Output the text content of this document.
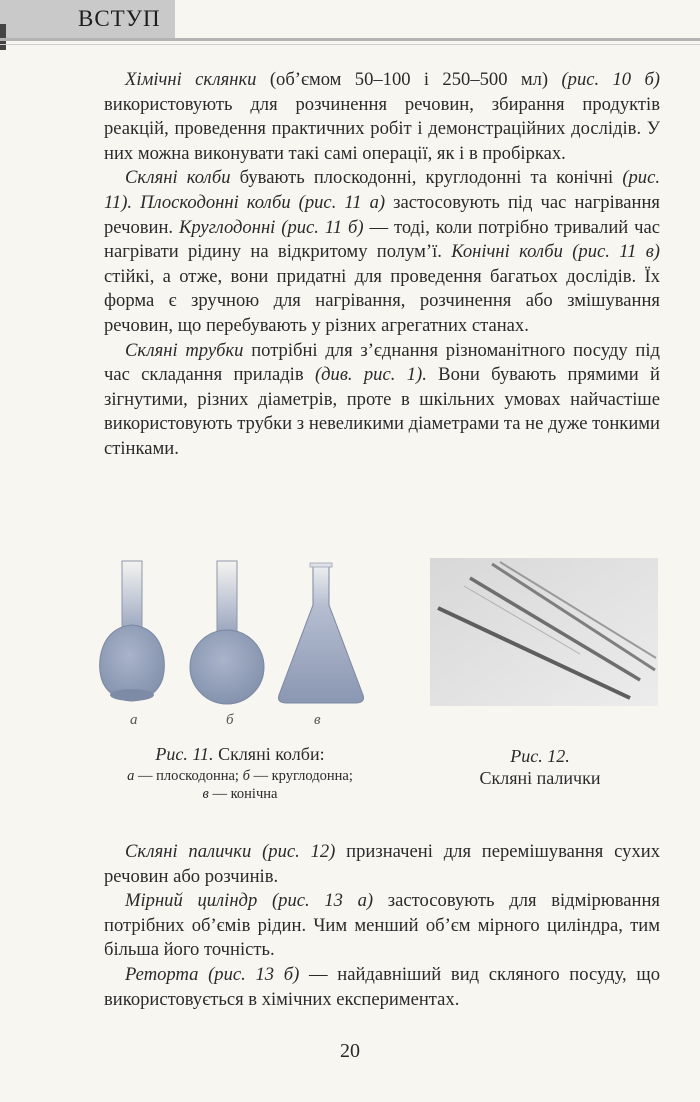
ВСТУП

Хімічні склянки (об’ємом 50–100 і 250–500 мл) (рис. 10 б) використовують для розчинення речовин, збирання продуктів реакцій, проведення практичних робіт і демонстраційних дослідів. У них можна виконувати такі самі операції, як і в пробірках.

Скляні колби бувають плоскодонні, круглодонні та конічні (рис. 11). Плоскодонні колби (рис. 11 а) застосовують під час нагрівання речовин. Круглодонні (рис. 11 б) — тоді, коли потрібно тривалий час нагрівати рідину на відкритому полум’ї. Конічні колби (рис. 11 в) стійкі, а отже, вони придатні для проведення багатьох дослідів. Їх форма є зручною для нагрівання, розчинення або змішування речовин, що перебувають у різних агрегатних станах.

Скляні трубки потрібні для з’єднання різноманітного посуду під час складання приладів (див. рис. 1). Вони бувають прямими й зігнутими, різних діаметрів, проте в шкільних умовах найчастіше використовують трубки з невеликими діаметрами та не дуже тонкими стінками.

а	б	в
Рис. 11. Скляні колби:
а — плоскодонна; б — круглодонна;
в — конічна
Рис. 12.
Скляні палички

Скляні палички (рис. 12) призначені для перемішування сухих речовин або розчинів.

Мірний циліндр (рис. 13 а) застосовують для відмірювання потрібних об’ємів рідин. Чим менший об’єм мірного циліндра, тим більша його точність.

Реторта (рис. 13 б) — найдавніший вид скляного посуду, що використовується в хімічних експериментах.

20
